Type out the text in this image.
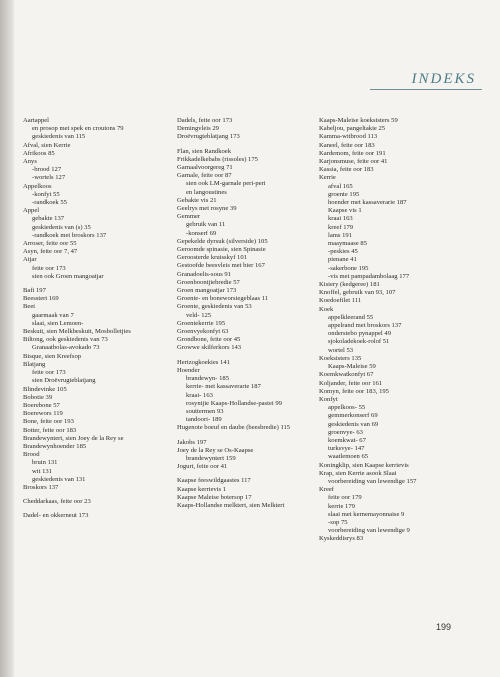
INDEKS
Aartappel
en prosop met spek en croutons 79
geskiedenis van 115
Afval, sien Kerrie
Afrikoos 85
Anys
-brood 127
-wortels 127
Appelkoos
-konfyt 55
-randkoek 55
Appel
gebakte 137
geskiedenis van (s) 35
-randkoek met broskors 137
Arroser, feite oor 55
Asyn, feite oor 7, 47
Atjar
feite oor 173
sien ook Groen mangoatjar
Bafi 197
Beesstert 169
Beet
gaarmaak van 7
slaai, sien Lemoen-
Beskuit, sien Melkbeskuit, Mosbolletjies
Biltong, ook geskiedenis van 73
Granaatbolas-avokado 73
Bisque, sien Kreefsop
Blatjang
feite oor 173
sien Droëvrugteblatjang
Blindevinke 105
Bobotie 39
Boerebone 57
Boerewors 119
Bone, feite oor 193
Botter, feite oor 183
Brandewyntert, sien Joey de la Rey se
Brandewynhoender 185
Brood
bruin 131
wit 131
geskiedenis van 131
Broskors 137
Cheddarkaas, feite oor 23
Dadel- en okkerneut 173
Dadels, feite oor 173
Demingvleis 29
Droëvrugteblatjang 173
Flan, sien Randkoek
Frikkadelkebabs (rissoles) 175
Garnaalvoorgereg 71
Garnale, feite oor 87
sien ook LM-garnale peri-peri
en langoustines
Gebakte vis 21
Geelrys met rosyne 39
Gemmer
gebruik van 11
-konserf 69
Gepekelde dyrsuk (silverside) 105
Geroomde spinasie, sien Spinasie
Geroosterde kruisskyf 101
Gestoofde beesvleis met bier 167
Granadoelis-sous 91
Groenboontjiebredie 57
Groen mangoatjar 173
Groente- en boneworsiegeblaas 11
Groente, geskiedenis van 53
veld- 125
Groentekerrie 195
Groenvyekonfyt 63
Grondbone, feite oor 45
Growwe skilferkors 143
Hertzogkoekies 141
Hoender
brandewyn- 185
kerrie- met kassaverarie 187
kraai- 163
rosyntjie Kaaps-Hollandse-pastei 99
souttermen 93
tandoori- 189
Hugenote boeuf en daube (beesbredie) 115
Jakobs 197
Joey de la Rey se Os-Kaapse
brandewyntert 159
Jogurt, feite oor 41
Kaapse feeswildgaastes 117
Kaapse kerrievis 1
Kaapse Maleise botersop 17
Kaaps-Hollandse melktert, sien Melktert
Kaaps-Maleise koeksisters 59
Kabeljou, pangeltakie 25
Kamma-witbrood 113
Kaneel, feite oor 183
Kardemom, feite oor 191
Karjonsmuse, feite oor 41
Kassia, feite oor 183
Kerrie
afval 165
groente 195
hoender met kassaverarie 187
Kaapse vis 1
kraai 163
kreef 179
lams 191
maaymaase 85
-peskies 45
pienane 41
-sakerbone 195
-vis met pampadambolaag 177
Kisiery (kedgeree) 181
Knoffel, gebruik van 93, 107
Koedoefilet 111
Koek
appelkleerand 55
appelrand met broskors 137
onderstebo pynappel 49
sjokoladekoek-rolof 51
wortel 53
Koeksisters 135
Kaaps-Maleise 59
Koemkwatkonfyt 67
Koljander, feite oor 161
Komyn, feite oor 183, 195
Konfyt
appelkoos- 55
gemmerkonserf 69
geskiedenis van 69
groenvye- 63
koemkwat- 67
turksvye- 147
waatlemoen 65
Koningklip, sien Kaapse kerrievis
Krap, sien Kerrie asook Slaai
voorbereiding van lewendige 157
Kreef
feite oor 179
kerrie 179
slaai met kernemayonnaise 9
-sop 75
voorbereiding van lewendige 9
Kyskeddisrys 83
199
